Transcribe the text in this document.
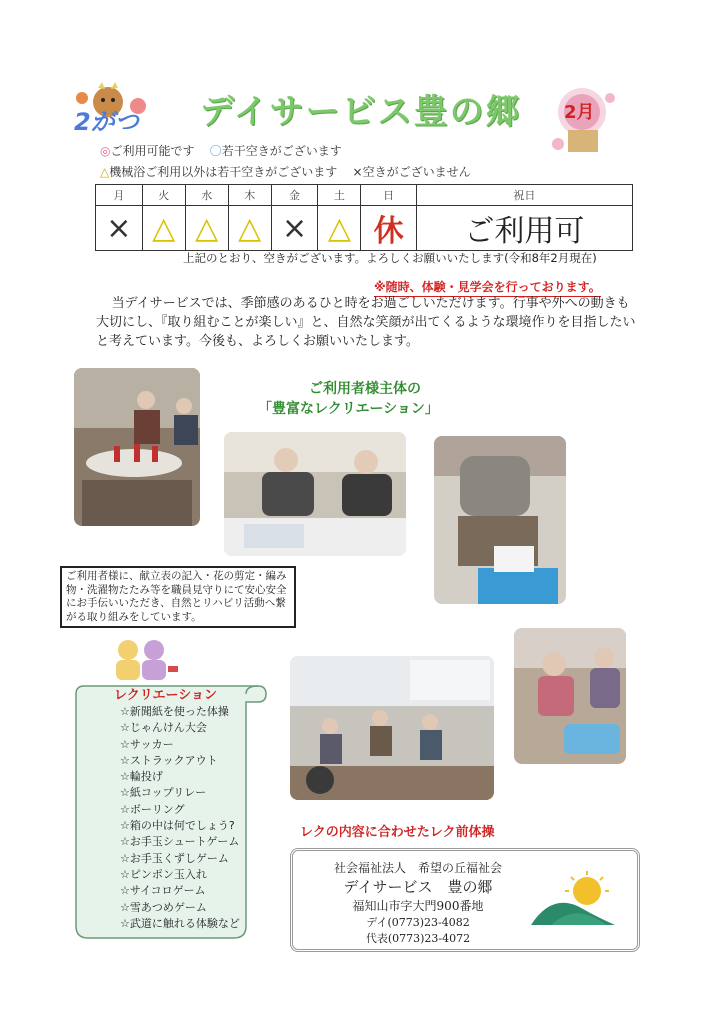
2がつ デイサービス豊の郷 2月
◎ご利用可能です 〇若干空きがございます
△機械浴ご利用以外は若干空きがございます ×空きがございません
月	火	水	木	金	土	日	祝日
×	△	△	△	×	△	休	ご利用可
上記のとおり、空きがございます。よろしくお願いいたします(令和8年2月現在)
※随時、体験・見学会を行っております。
当デイサービスでは、季節感のあるひと時をお過ごしいただけます。行事や外への動きも大切にし、『取り組むことが楽しい』と、自然な笑顔が出てくるような環境作りを目指したいと考えています。今後も、よろしくお願いいたします。
ご利用者様主体の
「豊富なレクリエーション」
ご利用者様に、献立表の記入・花の剪定・編み物・洗濯物たたみ等を職員見守りにて安心安全にお手伝いいただき、自然とリハビリ活動へ繋がる取り組みをしています。
レクリエーション
☆新聞紙を使った体操
☆じゃんけん大会
☆サッカー
☆ストラックアウト
☆輪投げ
☆紙コップリレー
☆ボーリング
☆箱の中は何でしょう?
☆お手玉シュートゲーム
☆お手玉くずしゲーム
☆ピンポン玉入れ
☆サイコロゲーム
☆雪あつめゲーム
☆武道に触れる体験など
レクの内容に合わせたレク前体操
社会福祉法人　希望の丘福祉会
デイサービス　豊の郷
福知山市字大門900番地
デイ(0773)23-4082
代表(0773)23-4072
